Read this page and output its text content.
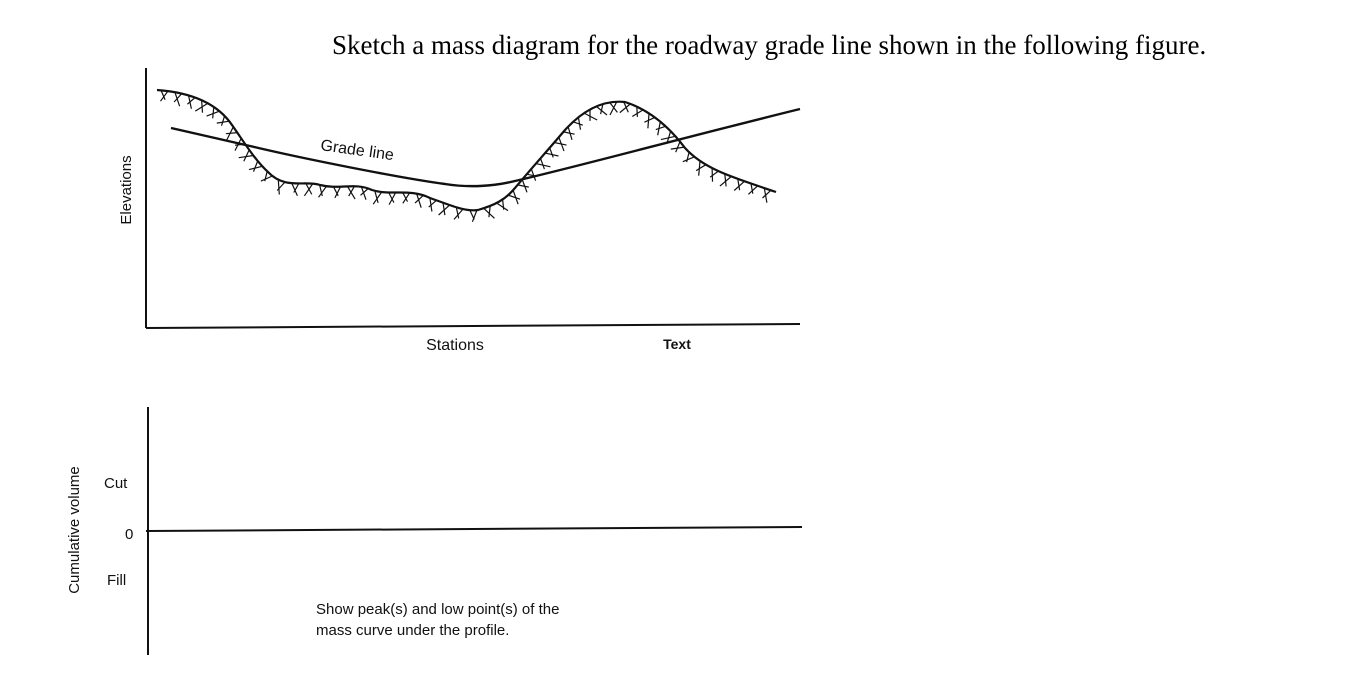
Sketch a mass diagram for the roadway grade line shown in the following figure.
Grade line
Elevations
Stations	Text
Cumulative volume Cut
0
Fill
Show peak(s) and low point(s) of the
mass curve under the profile.
